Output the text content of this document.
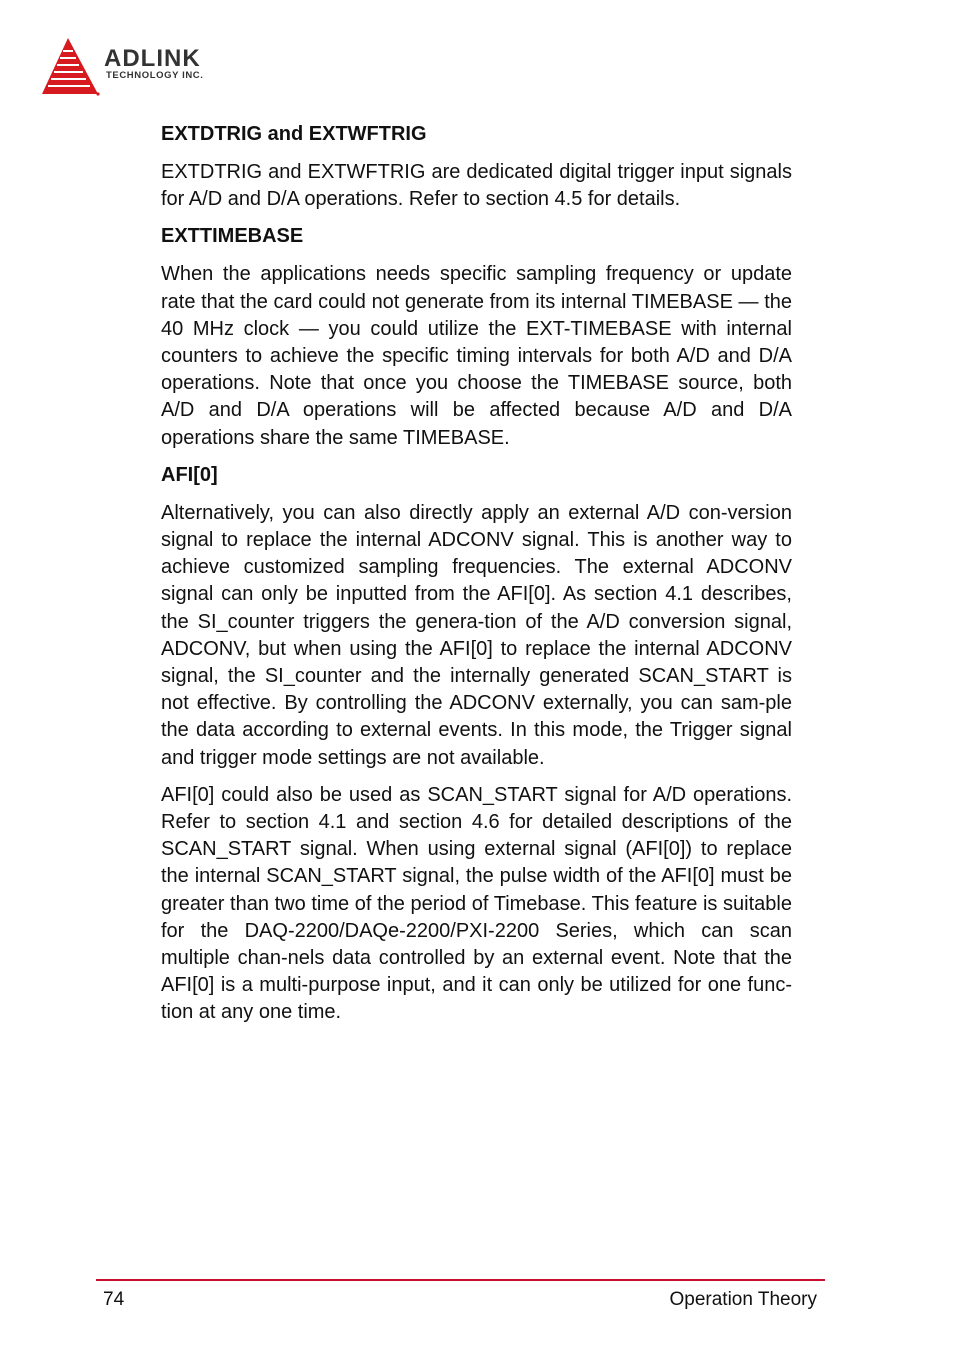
ADLINK
TECHNOLOGY INC.
EXTDTRIG and EXTWFTRIG

EXTDTRIG and EXTWFTRIG are dedicated digital trigger input signals for A/D and D/A operations. Refer to section 4.5 for details.

EXTTIMEBASE

When the applications needs specific sampling frequency or update rate that the card could not generate from its internal TIMEBASE — the 40 MHz clock — you could utilize the EXT-TIMEBASE with internal counters to achieve the specific timing intervals for both A/D and D/A operations. Note that once you choose the TIMEBASE source, both A/D and D/A operations will be affected because A/D and D/A operations share the same TIMEBASE.

AFI[0]

Alternatively, you can also directly apply an external A/D con-version signal to replace the internal ADCONV signal. This is another way to achieve customized sampling frequencies. The external ADCONV signal can only be inputted from the AFI[0]. As section 4.1 describes, the SI_counter triggers the genera-tion of the A/D conversion signal, ADCONV, but when using the AFI[0] to replace the internal ADCONV signal, the SI_counter and the internally generated SCAN_START is not effective. By controlling the ADCONV externally, you can sam-ple the data according to external events. In this mode, the Trigger signal and trigger mode settings are not available.

AFI[0] could also be used as SCAN_START signal for A/D operations. Refer to section 4.1 and section 4.6 for detailed descriptions of the SCAN_START signal. When using external signal (AFI[0]) to replace the internal SCAN_START signal, the pulse width of the AFI[0] must be greater than two time of the period of Timebase. This feature is suitable for the DAQ-2200/DAQe-2200/PXI-2200 Series, which can scan multiple chan-nels data controlled by an external event. Note that the AFI[0] is a multi-purpose input, and it can only be utilized for one func-tion at any one time.

74	Operation Theory
